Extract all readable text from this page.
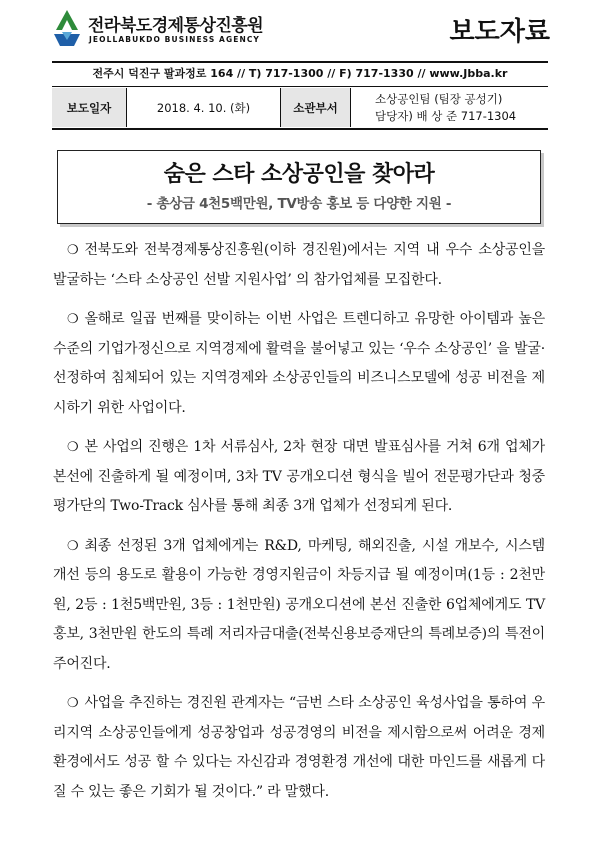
전라북도경제통상진흥원
JEOLLABUKDO BUSINESS AGENCY	보도자료
전주시 덕진구 팔과정로 164 // T) 717-1300 // F) 717-1330 // www.Jbba.kr
보도일자	2018. 4. 10. (화)	소관부서
소상공인팀 (팀장 공성기)
담당자) 배 상 준 717-1304
숨은 스타 소상공인을 찾아라
- 총상금 4천5백만원, TV방송 홍보 등 다양한 지원 -

❍ 전북도와 전북경제통상진흥원(이하 경진원)에서는 지역 내 우수 소상공인을 발굴하는 ‘스타 소상공인 선발 지원사업’ 의 참가업체를 모집한다.

❍ 올해로 일곱 번째를 맞이하는 이번 사업은 트렌디하고 유망한 아이템과 높은 수준의 기업가정신으로 지역경제에 활력을 불어넣고 있는 ‘우수 소상공인’ 을 발굴·선정하여 침체되어 있는 지역경제와 소상공인들의 비즈니스모델에 성공 비전을 제시하기 위한 사업이다.

❍ 본 사업의 진행은 1차 서류심사, 2차 현장 대면 발표심사를 거쳐 6개 업체가 본선에 진출하게 될 예정이며, 3차 TV 공개오디션 형식을 빌어 전문평가단과 청중평가단의 Two-Track 심사를 통해 최종 3개 업체가 선정되게 된다.

❍ 최종 선정된 3개 업체에게는 R&D, 마케팅, 해외진출, 시설 개보수, 시스템 개선 등의 용도로 활용이 가능한 경영지원금이 차등지급 될 예정이며(1등 : 2천만원, 2등 : 1천5백만원, 3등 : 1천만원) 공개오디션에 본선 진출한 6업체에게도 TV홍보, 3천만원 한도의 특례 저리자금대출(전북신용보증재단의 특례보증)의 특전이 주어진다.

❍ 사업을 추진하는 경진원 관계자는 “금번 스타 소상공인 육성사업을 통하여 우리지역 소상공인들에게 성공창업과 성공경영의 비전을 제시함으로써 어려운 경제 환경에서도 성공 할 수 있다는 자신감과 경영환경 개선에 대한 마인드를 새롭게 다질 수 있는 좋은 기회가 될 것이다.” 라 말했다.
